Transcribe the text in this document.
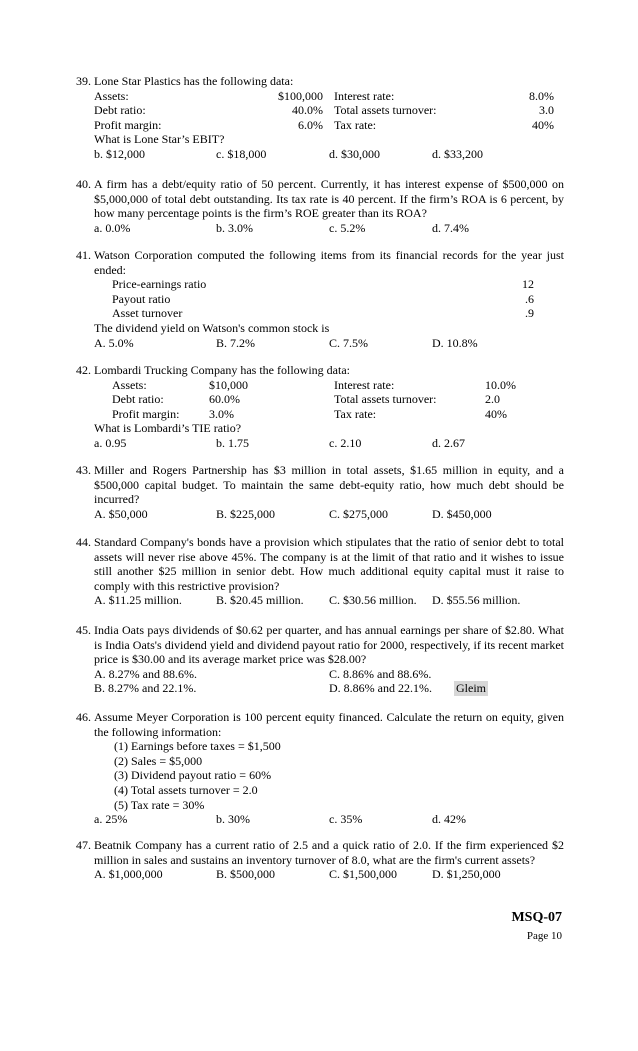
39. Lone Star Plastics has the following data:
Assets:	$100,000 Interest rate:	8.0%
Debt ratio:	40.0% Total assets turnover:	3.0
Profit margin:	6.0% Tax rate:	40%
What is Lone Star’s EBIT?
b. $12,000	c. $18,000	d. $30,000	d. $33,200
40. A firm has a debt/equity ratio of 50 percent. Currently, it has interest expense of $500,000 on $5,000,000 of total debt outstanding. Its tax rate is 40 percent. If the firm’s ROA is 6 percent, by how many percentage points is the firm’s ROE greater than its ROA?
a. 0.0%	b. 3.0%	c. 5.2%	d. 7.4%
41. Watson Corporation computed the following items from its financial records for the year just ended:
Price-earnings ratio	12
Payout ratio	.6
Asset turnover	.9
The dividend yield on Watson's common stock is
A. 5.0%	B. 7.2%	C. 7.5%	D. 10.8%
42. Lombardi Trucking Company has the following data:
Assets:	$10,000	Interest rate:	10.0%
Debt ratio:	60.0%	Total assets turnover:	2.0
Profit margin: 3.0%	Tax rate:	40%
What is Lombardi’s TIE ratio?
a. 0.95	b. 1.75	c. 2.10	d. 2.67
43. Miller and Rogers Partnership has $3 million in total assets, $1.65 million in equity, and a $500,000 capital budget. To maintain the same debt-equity ratio, how much debt should be incurred?
A. $50,000	B. $225,000	C. $275,000	D. $450,000
44. Standard Company's bonds have a provision which stipulates that the ratio of senior debt to total assets will never rise above 45%. The company is at the limit of that ratio and it wishes to issue still another $25 million in senior debt. How much additional equity capital must it raise to comply with this restrictive provision?
A. $11.25 million.	B. $20.45 million. C. $30.56 million. D. $55.56 million.
45. India Oats pays dividends of $0.62 per quarter, and has annual earnings per share of $2.80. What is India Oats's dividend yield and dividend payout ratio for 2000, respectively, if its recent market price is $30.00 and its average market price was $28.00?
A. 8.27% and 88.6%.	C. 8.86% and 88.6%.
B. 8.27% and 22.1%.	D. 8.86% and 22.1%. Gleim
46. Assume Meyer Corporation is 100 percent equity financed. Calculate the return on equity, given the following information:
(1) Earnings before taxes = $1,500
(2) Sales = $5,000
(3) Dividend payout ratio = 60%
(4) Total assets turnover = 2.0
(5) Tax rate = 30%
a. 25%	b. 30%	c. 35%	d. 42%
47. Beatnik Company has a current ratio of 2.5 and a quick ratio of 2.0. If the firm experienced $2 million in sales and sustains an inventory turnover of 8.0, what are the firm's current assets?
A. $1,000,000	B. $500,000	C. $1,500,000	D. $1,250,000
MSQ-07
Page 10
